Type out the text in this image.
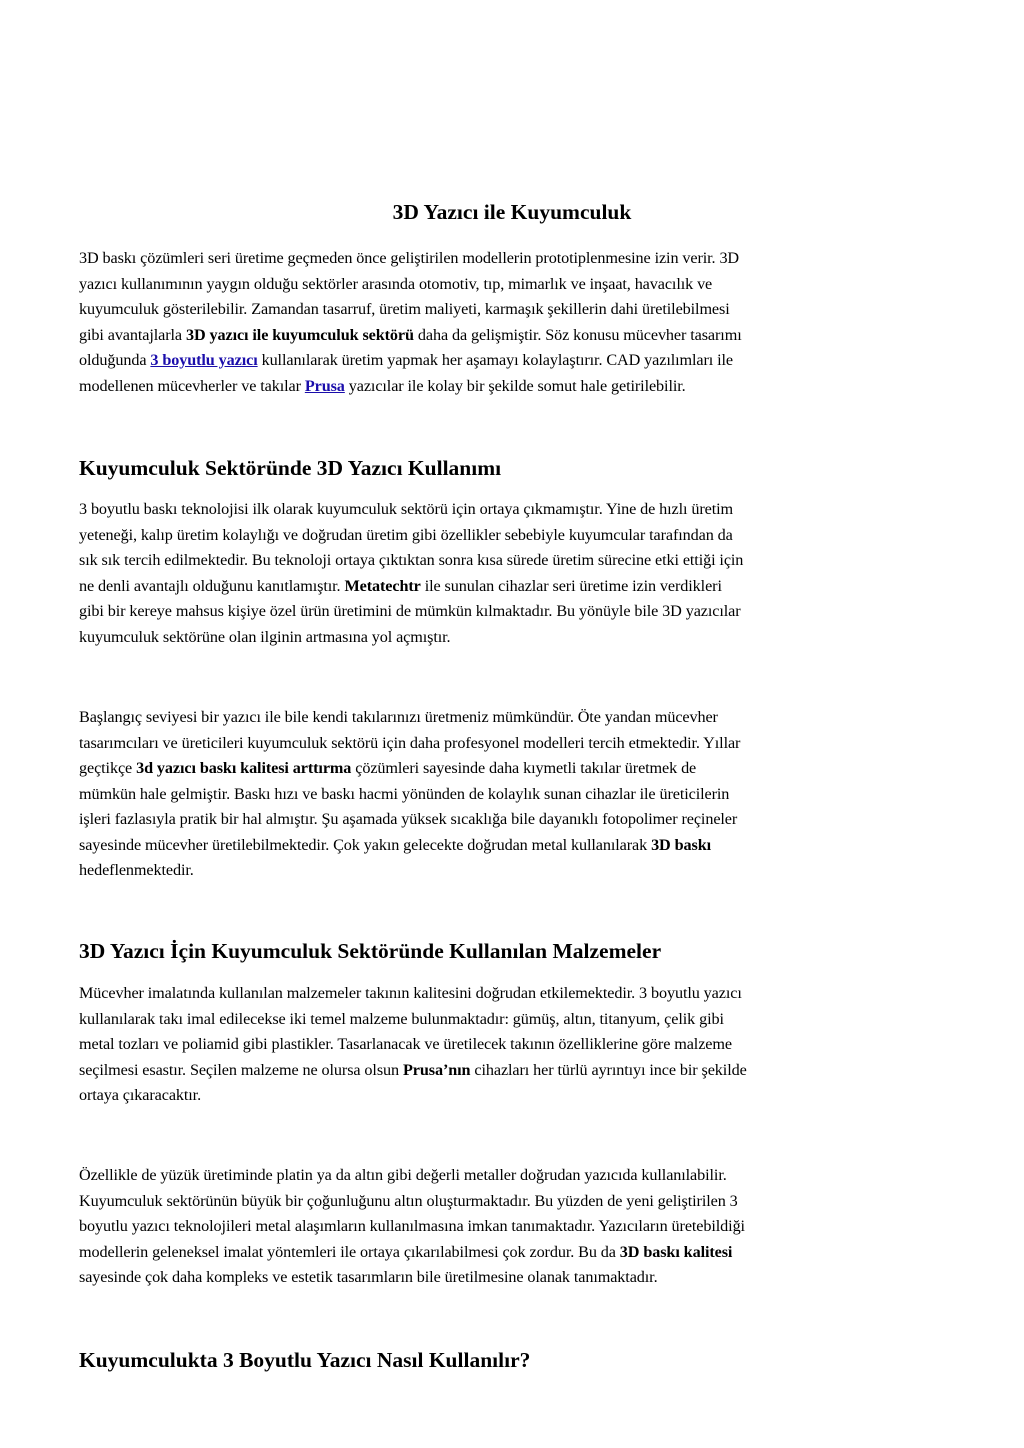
3D Yazıcı ile Kuyumculuk
3D baskı çözümleri seri üretime geçmeden önce geliştirilen modellerin prototiplenmesine izin verir. 3D
yazıcı kullanımının yaygın olduğu sektörler arasında otomotiv, tıp, mimarlık ve inşaat, havacılık ve
kuyumculuk gösterilebilir. Zamandan tasarruf, üretim maliyeti, karmaşık şekillerin dahi üretilebilmesi
gibi avantajlarla 3D yazıcı ile kuyumculuk sektörü daha da gelişmiştir. Söz konusu mücevher tasarımı
olduğunda 3 boyutlu yazıcı kullanılarak üretim yapmak her aşamayı kolaylaştırır. CAD yazılımları ile
modellenen mücevherler ve takılar Prusa yazıcılar ile kolay bir şekilde somut hale getirilebilir.
Kuyumculuk Sektöründe 3D Yazıcı Kullanımı
3 boyutlu baskı teknolojisi ilk olarak kuyumculuk sektörü için ortaya çıkmamıştır. Yine de hızlı üretim
yeteneği, kalıp üretim kolaylığı ve doğrudan üretim gibi özellikler sebebiyle kuyumcular tarafından da
sık sık tercih edilmektedir. Bu teknoloji ortaya çıktıktan sonra kısa sürede üretim sürecine etki ettiği için
ne denli avantajlı olduğunu kanıtlamıştır. Metatechtr ile sunulan cihazlar seri üretime izin verdikleri
gibi bir kereye mahsus kişiye özel ürün üretimini de mümkün kılmaktadır. Bu yönüyle bile 3D yazıcılar
kuyumculuk sektörüne olan ilginin artmasına yol açmıştır.
Başlangıç seviyesi bir yazıcı ile bile kendi takılarınızı üretmeniz mümkündür. Öte yandan mücevher
tasarımcıları ve üreticileri kuyumculuk sektörü için daha profesyonel modelleri tercih etmektedir. Yıllar
geçtikçe 3d yazıcı baskı kalitesi arttırma çözümleri sayesinde daha kıymetli takılar üretmek de
mümkün hale gelmiştir. Baskı hızı ve baskı hacmi yönünden de kolaylık sunan cihazlar ile üreticilerin
işleri fazlasıyla pratik bir hal almıştır. Şu aşamada yüksek sıcaklığa bile dayanıklı fotopolimer reçineler
sayesinde mücevher üretilebilmektedir. Çok yakın gelecekte doğrudan metal kullanılarak 3D baskı
hedeflenmektedir.
3D Yazıcı İçin Kuyumculuk Sektöründe Kullanılan Malzemeler
Mücevher imalatında kullanılan malzemeler takının kalitesini doğrudan etkilemektedir. 3 boyutlu yazıcı
kullanılarak takı imal edilecekse iki temel malzeme bulunmaktadır: gümüş, altın, titanyum, çelik gibi
metal tozları ve poliamid gibi plastikler. Tasarlanacak ve üretilecek takının özelliklerine göre malzeme
seçilmesi esastır. Seçilen malzeme ne olursa olsun Prusa’nın cihazları her türlü ayrıntıyı ince bir şekilde
ortaya çıkaracaktır.
Özellikle de yüzük üretiminde platin ya da altın gibi değerli metaller doğrudan yazıcıda kullanılabilir.
Kuyumculuk sektörünün büyük bir çoğunluğunu altın oluşturmaktadır. Bu yüzden de yeni geliştirilen 3
boyutlu yazıcı teknolojileri metal alaşımların kullanılmasına imkan tanımaktadır. Yazıcıların üretebildiği
modellerin geleneksel imalat yöntemleri ile ortaya çıkarılabilmesi çok zordur. Bu da 3D baskı kalitesi
sayesinde çok daha kompleks ve estetik tasarımların bile üretilmesine olanak tanımaktadır.
Kuyumculukta 3 Boyutlu Yazıcı Nasıl Kullanılır?
